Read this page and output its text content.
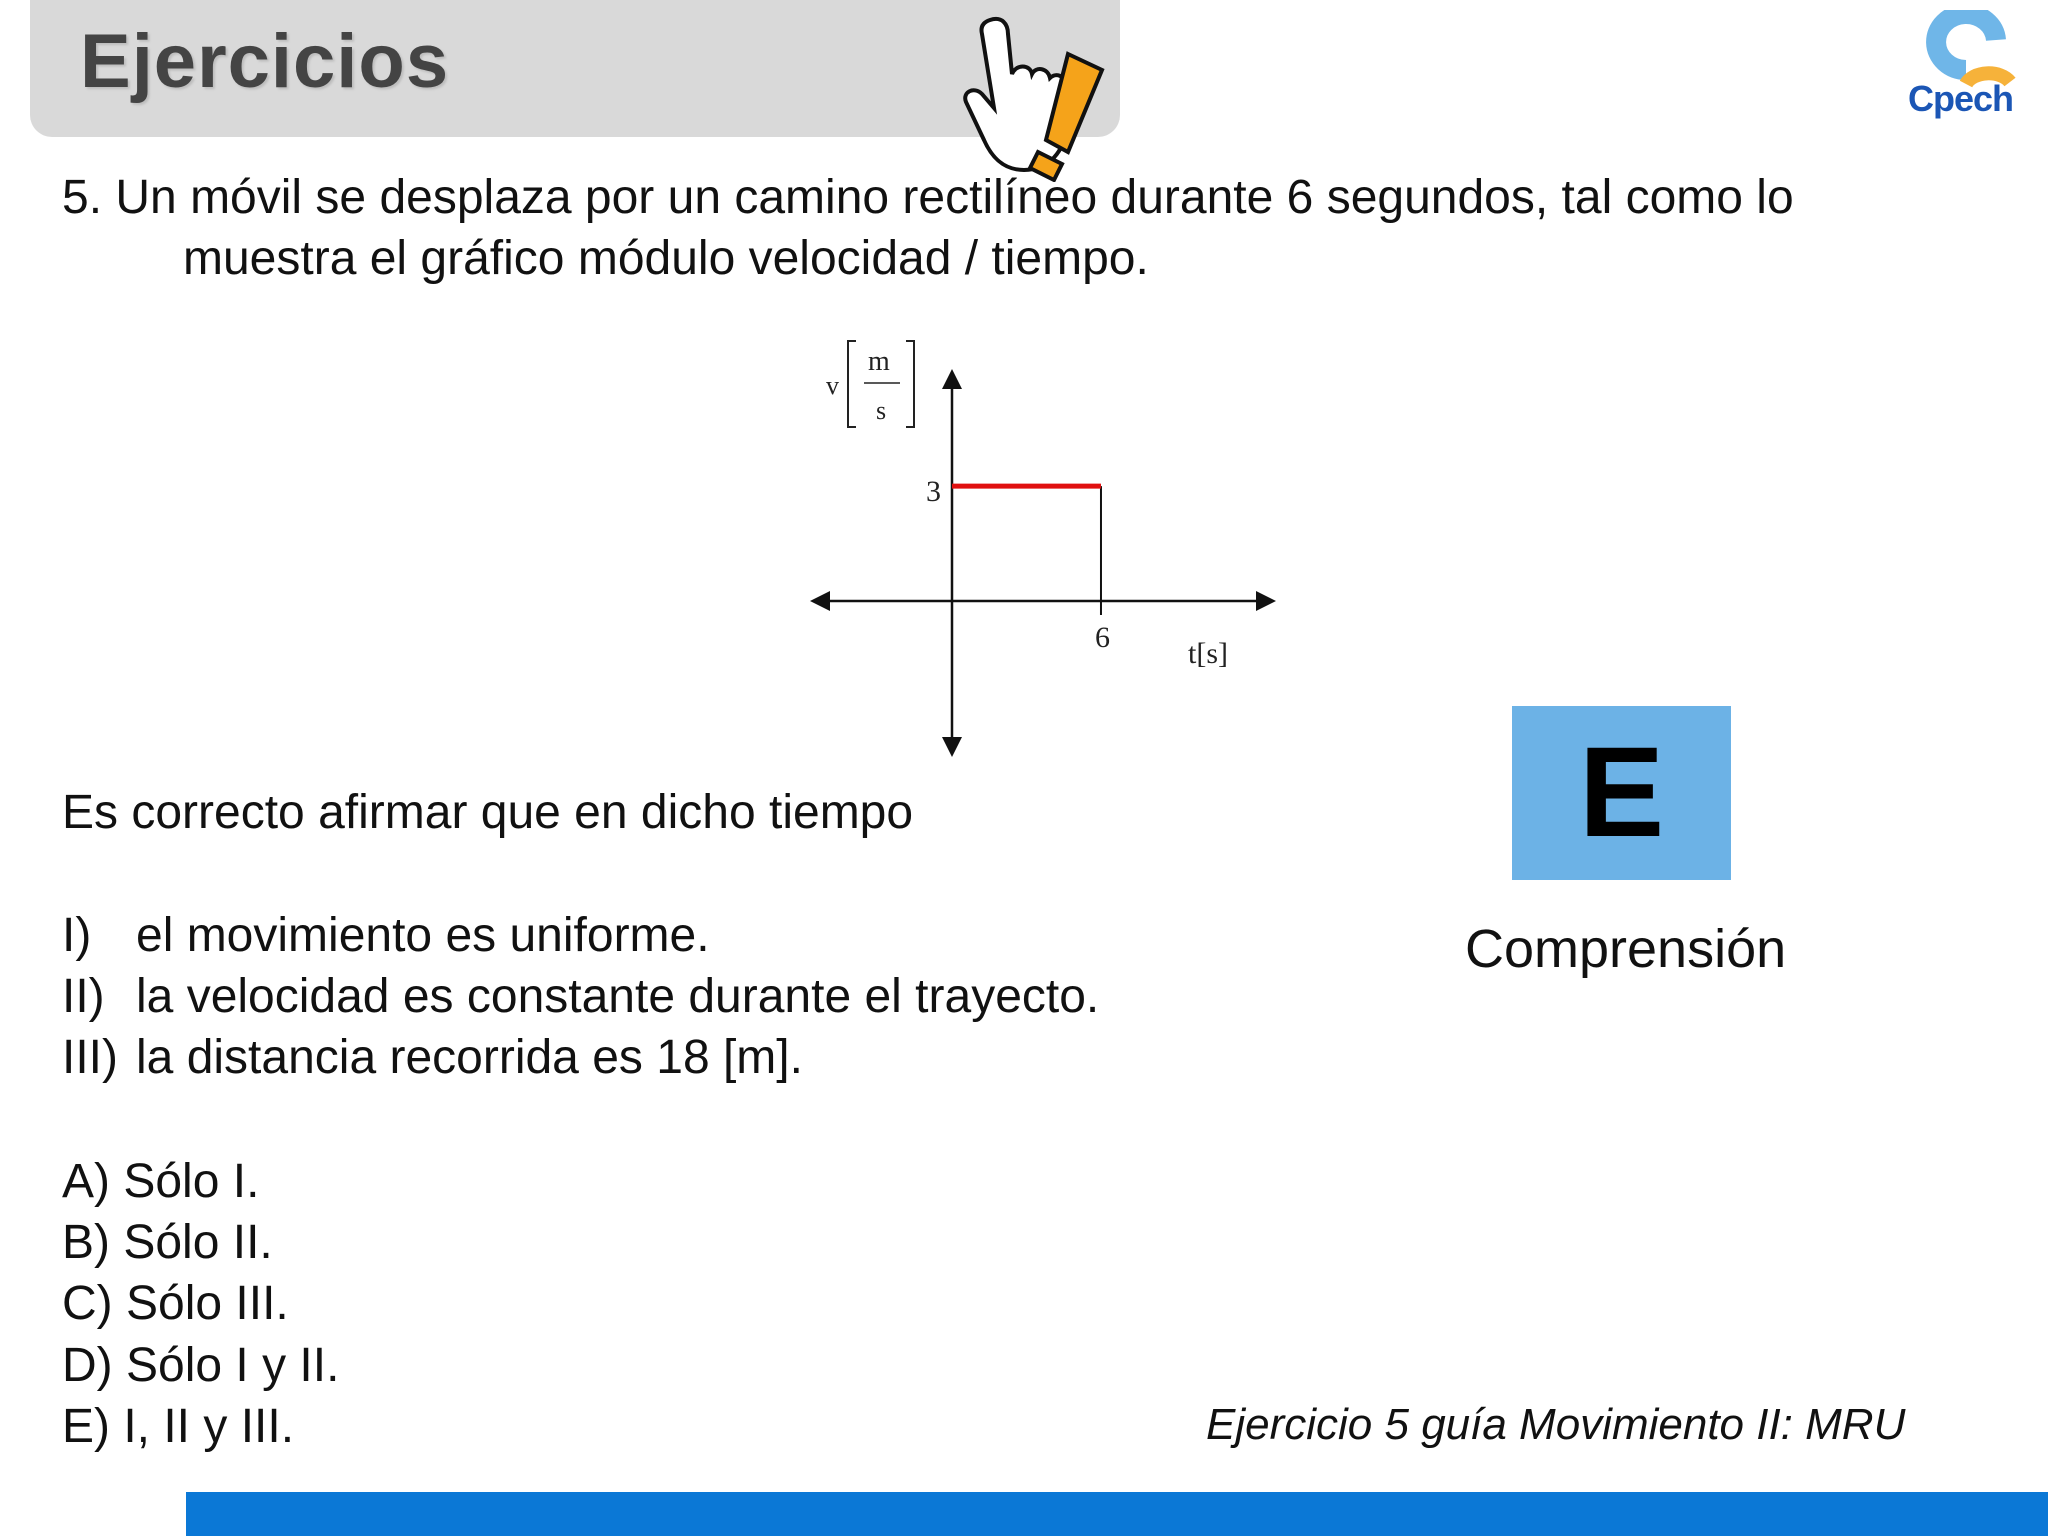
Ejercicios	Cpech
5. Un móvil se desplaza por un camino rectilíneo durante 6 segundos, tal como lo
muestra el gráfico módulo velocidad / tiempo.
v
m
s
3
6	t[s]
Es correcto afirmar que en dicho tiempo
I) el movimiento es uniforme.
II) la velocidad es constante durante el trayecto.
III) la distancia recorrida es 18 [m].
A) Sólo I.
B) Sólo II.
C) Sólo III.
D) Sólo I y II.
E) I, II y III.
E
Comprensión
Ejercicio 5 guía Movimiento II: MRU
